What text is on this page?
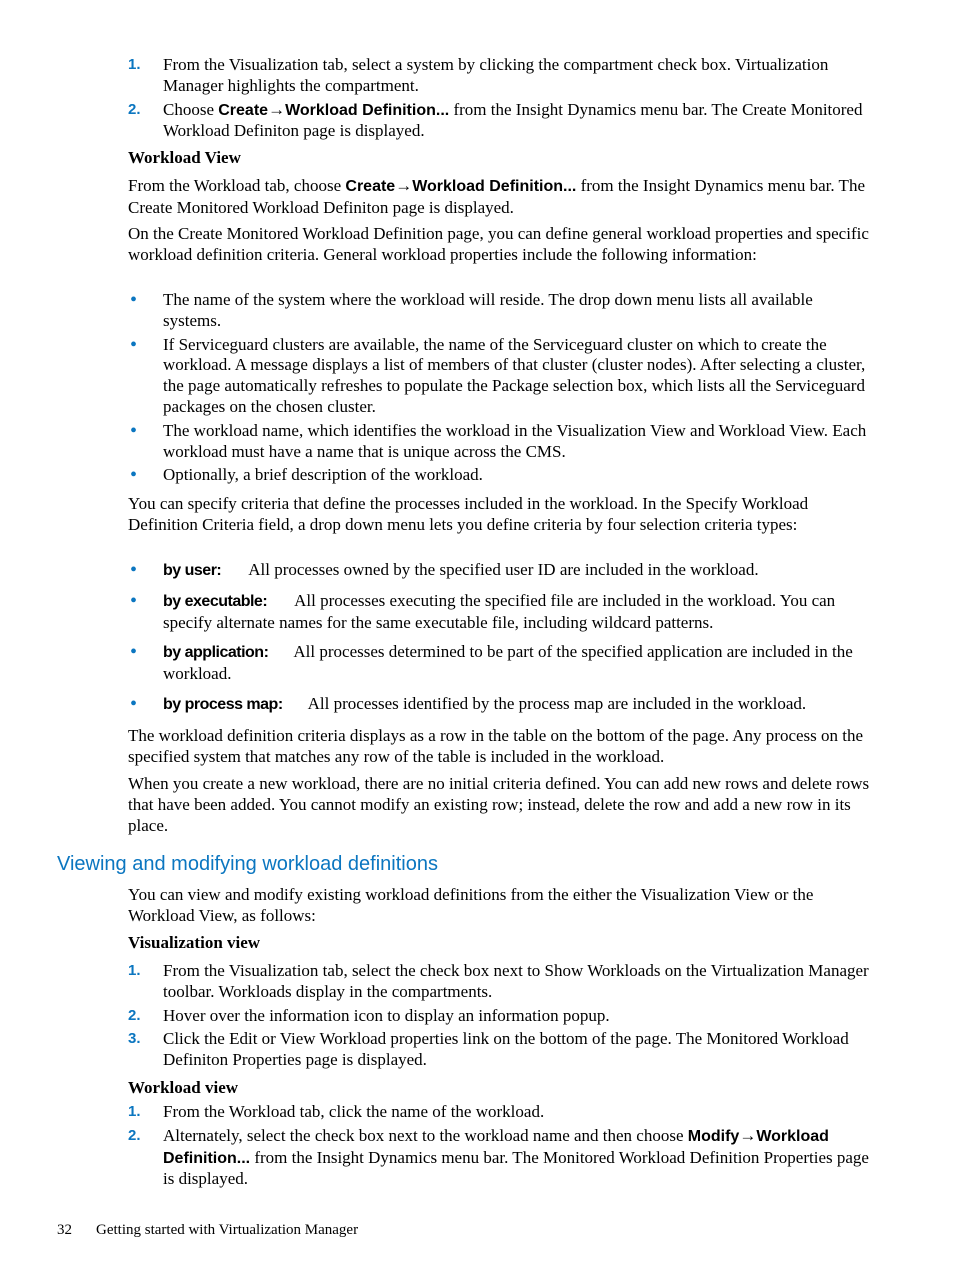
1. From the Visualization tab, select a system by clicking the compartment check box. Virtualization Manager highlights the compartment.
2. Choose Create→Workload Definition... from the Insight Dynamics menu bar. The Create Monitored Workload Definiton page is displayed.
Workload View
From the Workload tab, choose Create→Workload Definition... from the Insight Dynamics menu bar. The Create Monitored Workload Definiton page is displayed.
On the Create Monitored Workload Definition page, you can define general workload properties and specific workload definition criteria. General workload properties include the following information:
• The name of the system where the workload will reside. The drop down menu lists all available systems.
• If Serviceguard clusters are available, the name of the Serviceguard cluster on which to create the workload. A message displays a list of members of that cluster (cluster nodes). After selecting a cluster, the page automatically refreshes to populate the Package selection box, which lists all the Serviceguard packages on the chosen cluster.
• The workload name, which identifies the workload in the Visualization View and Workload View. Each workload must have a name that is unique across the CMS.
• Optionally, a brief description of the workload.
You can specify criteria that define the processes included in the workload. In the Specify Workload Definition Criteria field, a drop down menu lets you define criteria by four selection criteria types:
• by user: All processes owned by the specified user ID are included in the workload.
• by executable: All processes executing the specified file are included in the workload. You can specify alternate names for the same executable file, including wildcard patterns.
• by application: All processes determined to be part of the specified application are included in the workload.
• by process map: All processes identified by the process map are included in the workload.
The workload definition criteria displays as a row in the table on the bottom of the page. Any process on the specified system that matches any row of the table is included in the workload.
When you create a new workload, there are no initial criteria defined. You can add new rows and delete rows that have been added. You cannot modify an existing row; instead, delete the row and add a new row in its place.
Viewing and modifying workload definitions
You can view and modify existing workload definitions from the either the Visualization View or the Workload View, as follows:
Visualization view
1. From the Visualization tab, select the check box next to Show Workloads on the Virtualization Manager toolbar. Workloads display in the compartments.
2. Hover over the information icon to display an information popup.
3. Click the Edit or View Workload properties link on the bottom of the page. The Monitored Workload Definiton Properties page is displayed.
Workload view
1. From the Workload tab, click the name of the workload.
2. Alternately, select the check box next to the workload name and then choose Modify→Workload Definition... from the Insight Dynamics menu bar. The Monitored Workload Definition Properties page is displayed.
32 Getting started with Virtualization Manager
